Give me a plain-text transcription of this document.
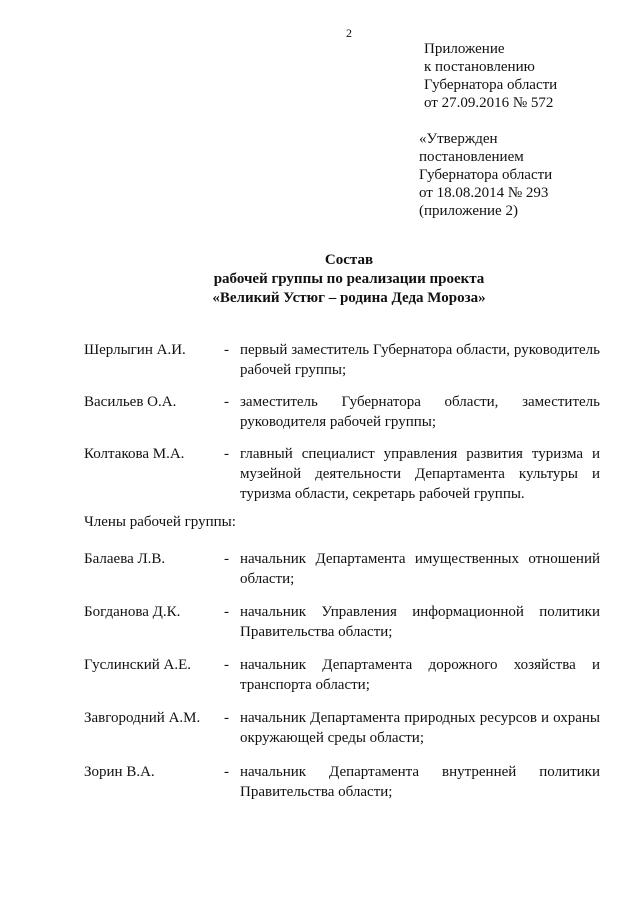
2
Приложение
к постановлению
Губернатора области
от 27.09.2016 № 572
«Утвержден
постановлением
Губернатора области
от 18.08.2014 № 293
(приложение 2)
Состав
рабочей группы по реализации проекта
«Великий Устюг – родина Деда Мороза»
Шерлыгин А.И.	- первый заместитель Губернатора области, руководитель рабочей группы;
Васильев О.А.	- заместитель Губернатора области, заместитель руководителя рабочей группы;
Колтакова М.А.	- главный специалист управления развития туризма и музейной деятельности Департамента культуры и туризма области, секретарь рабочей группы.
Члены рабочей группы:
Балаева Л.В.	- начальник Департамента имущественных отношений области;
Богданова Д.К.	- начальник Управления информационной политики Правительства области;
Гуслинский А.Е. - начальник Департамента дорожного хозяйства и транспорта области;
Завгородний А.М. - начальник Департамента природных ресурсов и охраны окружающей среды области;
Зорин В.А.	- начальник Департамента внутренней политики Правительства области;
